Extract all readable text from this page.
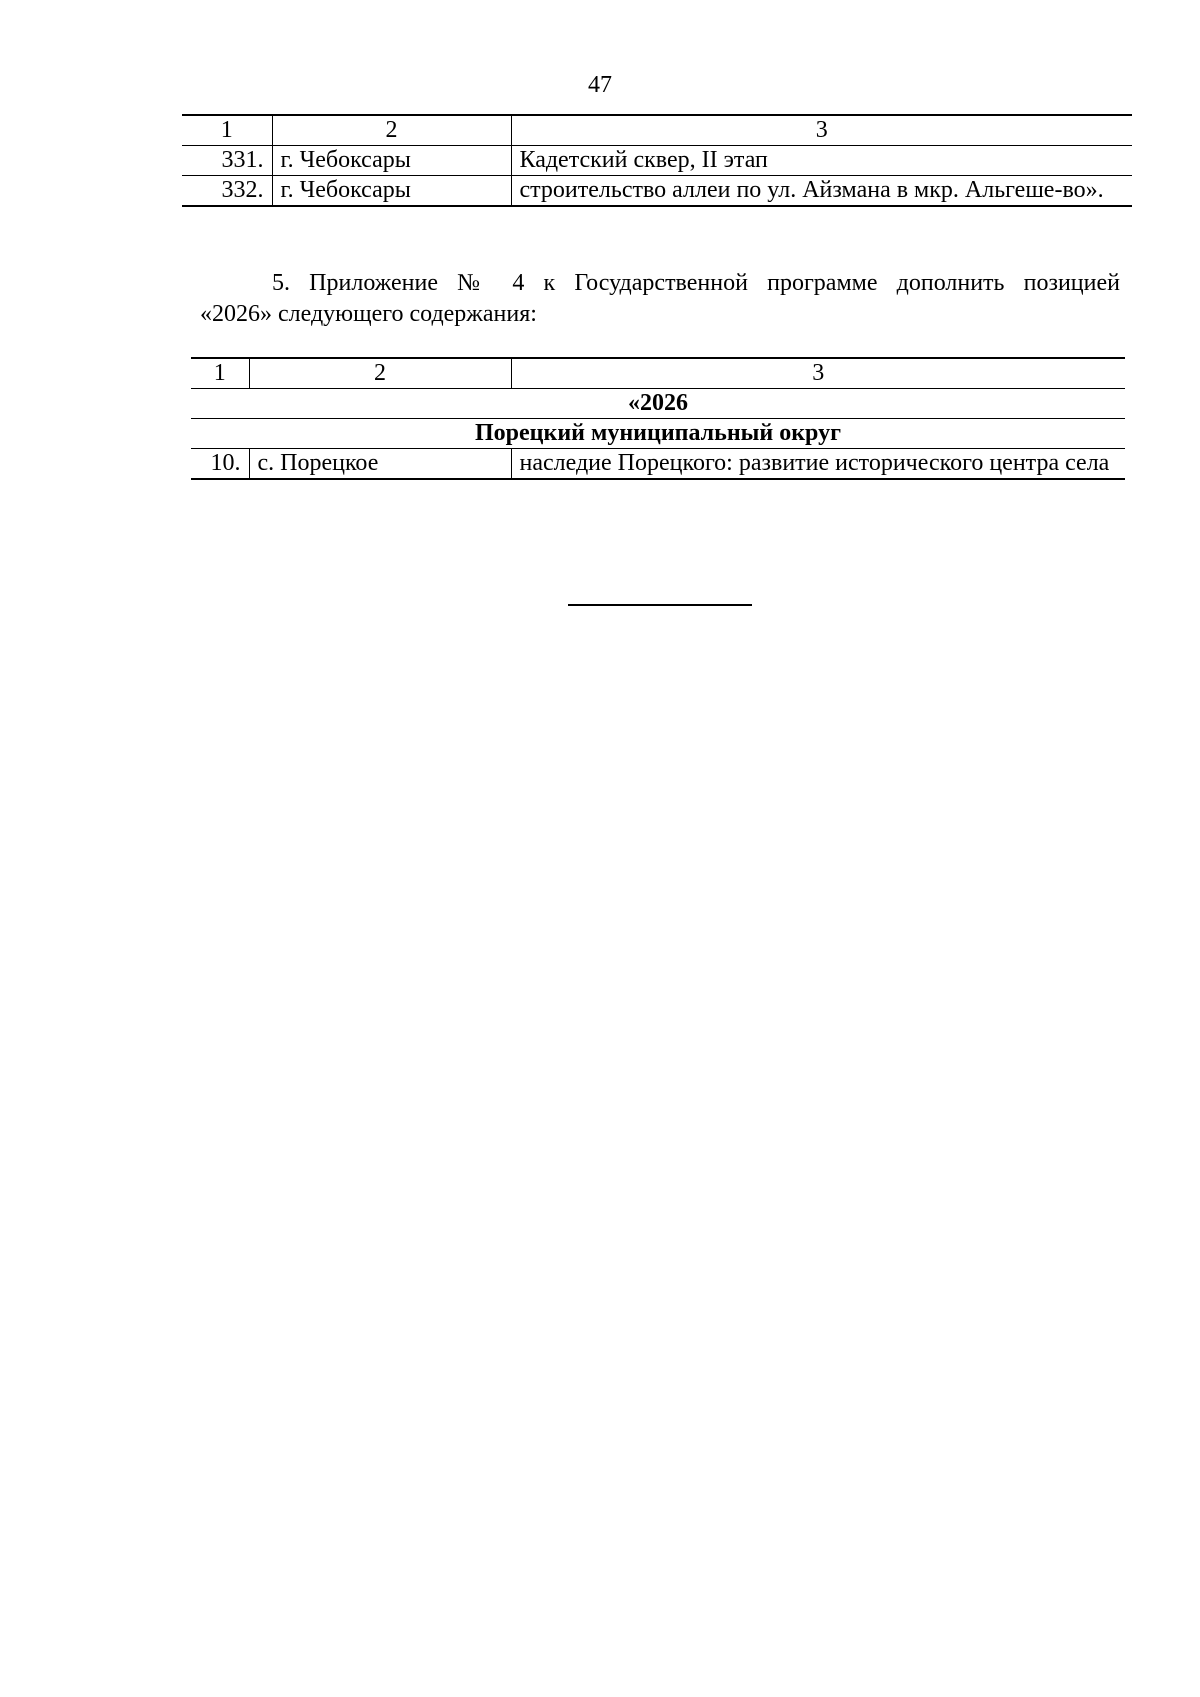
47
1	2	3
331.	г. Чебоксары	Кадетский сквер, II этап
332.	г. Чебоксары	строительство аллеи по ул. Айзмана в мкр. Альгеше-во».
5. Приложение № 4 к Государственной программе дополнить позицией
«2026» следующего содержания:
1	2	3
«2026		
Порецкий муниципальный округ		
10.	с. Порецкое	наследие Порецкого: развитие исторического центра села
